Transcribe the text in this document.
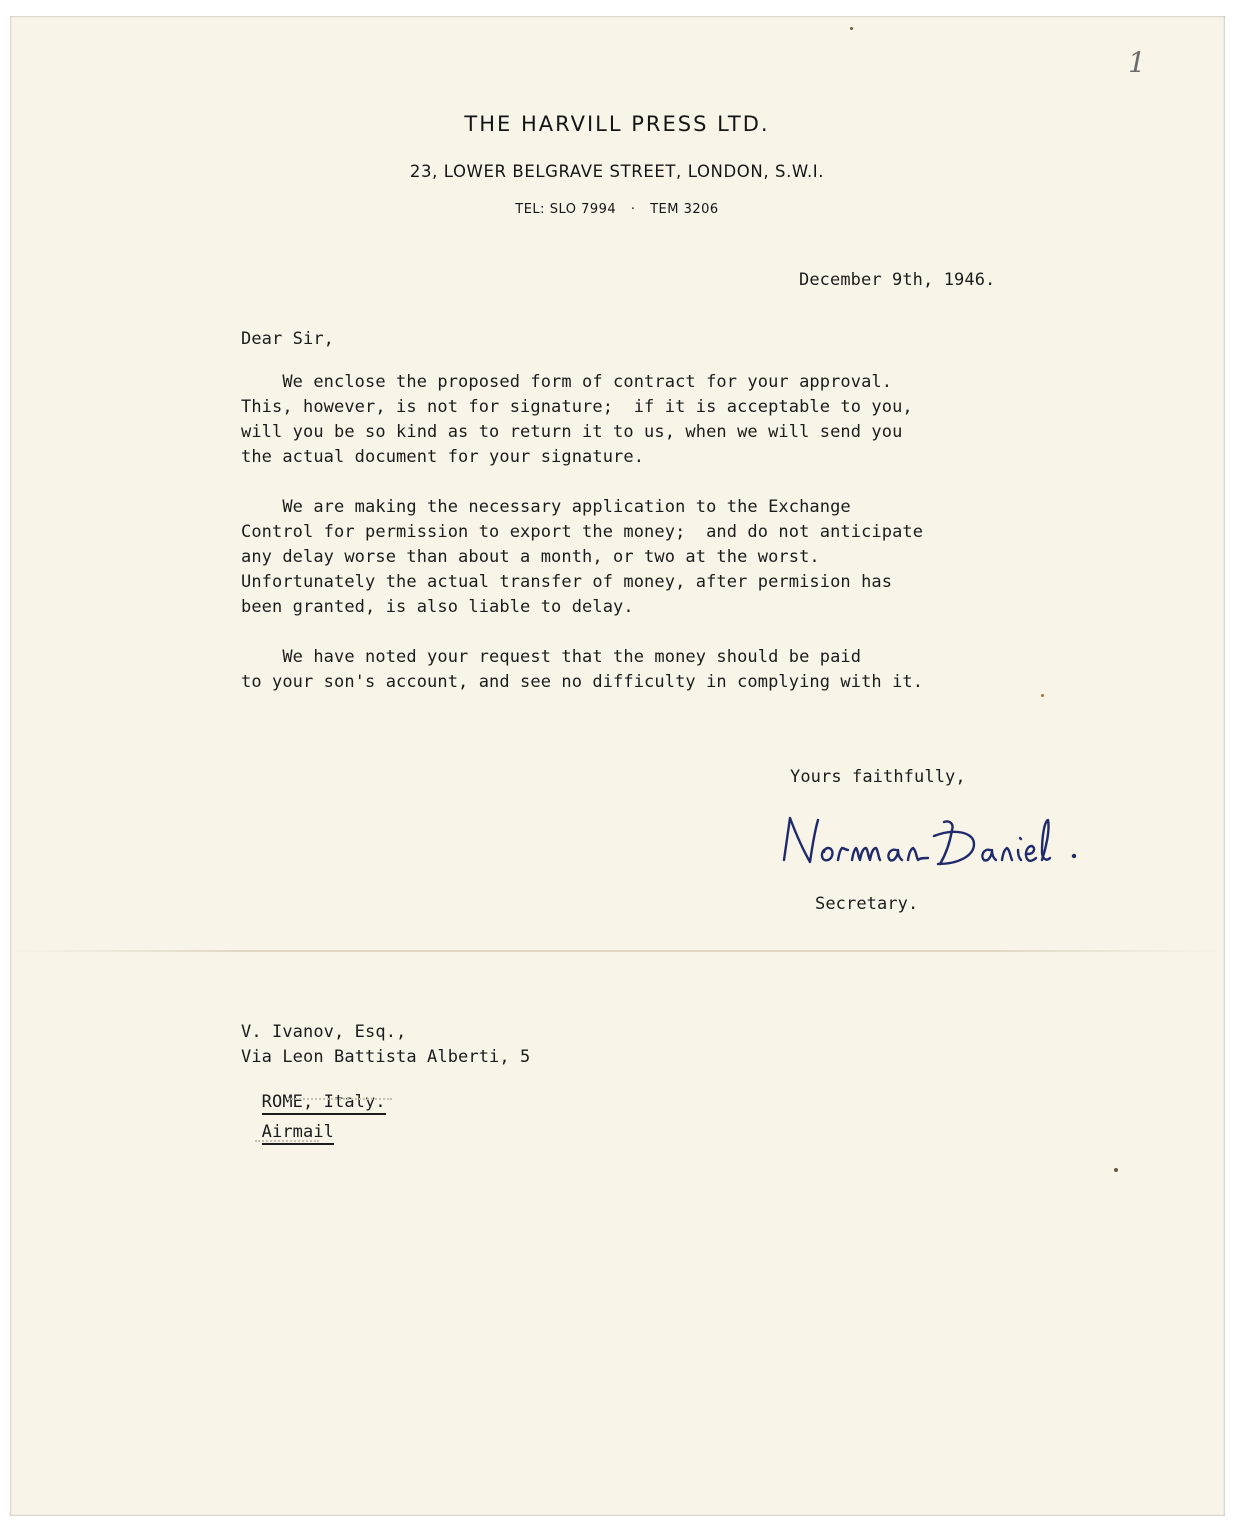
1
THE HARVILL PRESS LTD.
23, LOWER BELGRAVE STREET, LONDON, S.W.I.
TEL: SLO 7994 · TEM 3206
December 9th, 1946.
Dear Sir,

We enclose the proposed form of contract for your approval.

This, however, is not for signature;  if it is acceptable to you,

will you be so kind as to return it to us, when we will send you

the actual document for your signature.

We are making the necessary application to the Exchange

Control for permission to export the money;  and do not anticipate

any delay worse than about a month, or two at the worst.

Unfortunately the actual transfer of money, after permision has

been granted, is also liable to delay.

We have noted your request that the money should be paid

to your son's account, and see no difficulty in complying with it.

Yours faithfully,
Secretary.
V. Ivanov, Esq.,
Via Leon Battista Alberti, 5

ROME, Italy.

Airmail
